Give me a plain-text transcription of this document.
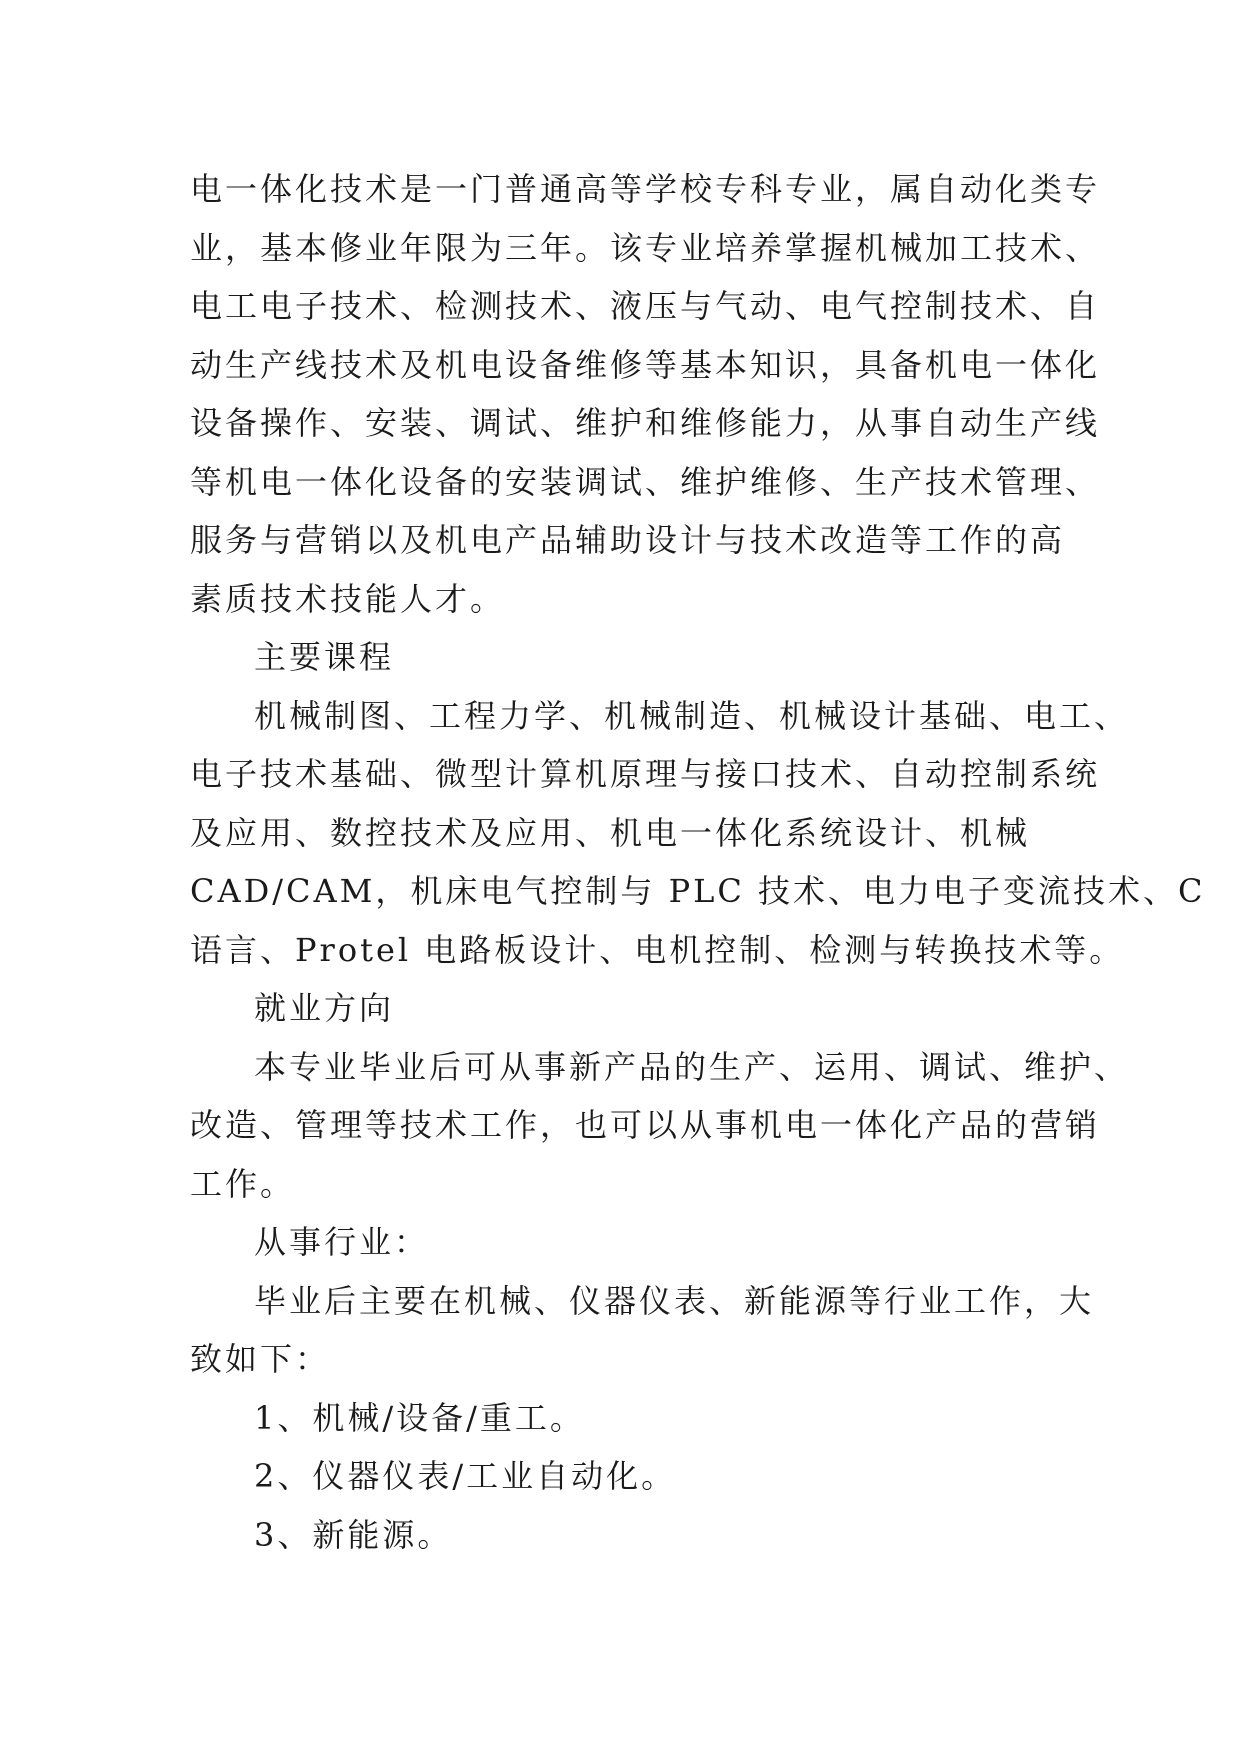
电一体化技术是一门普通高等学校专科专业，属自动化类专
业，基本修业年限为三年。该专业培养掌握机械加工技术、
电工电子技术、检测技术、液压与气动、电气控制技术、自
动生产线技术及机电设备维修等基本知识，具备机电一体化
设备操作、安装、调试、维护和维修能力，从事自动生产线
等机电一体化设备的安装调试、维护维修、生产技术管理、
服务与营销以及机电产品辅助设计与技术改造等工作的高
素质技术技能人才。
主要课程
机械制图、工程力学、机械制造、机械设计基础、电工、
电子技术基础、微型计算机原理与接口技术、自动控制系统
及应用、数控技术及应用、机电一体化系统设计、机械
CAD/CAM，机床电气控制与 PLC 技术、电力电子变流技术、C
语言、Protel 电路板设计、电机控制、检测与转换技术等。
就业方向
本专业毕业后可从事新产品的生产、运用、调试、维护、
改造、管理等技术工作，也可以从事机电一体化产品的营销
工作。
从事行业：
毕业后主要在机械、仪器仪表、新能源等行业工作，大
致如下：
1、机械/设备/重工。
2、仪器仪表/工业自动化。
3、新能源。
